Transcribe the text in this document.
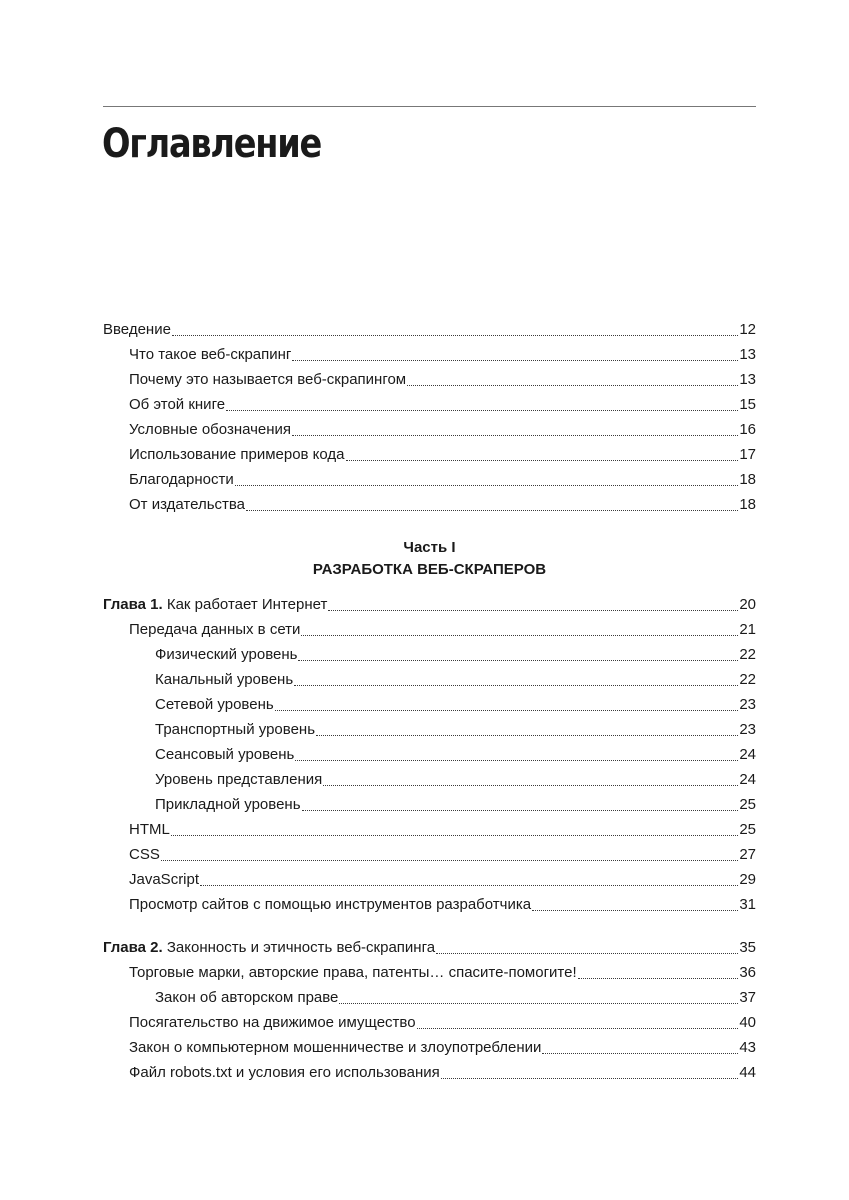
Оглавление
Введение	12
Что такое веб-скрапинг	13
Почему это называется веб-скрапингом	13
Об этой книге	15
Условные обозначения	16
Использование примеров кода	17
Благодарности	18
От издательства	18
Часть I
РАЗРАБОТКА ВЕБ-СКРАПЕРОВ
Глава 1. Как работает Интернет	20
Передача данных в сети	21
Физический уровень	22
Канальный уровень	22
Сетевой уровень	23
Транспортный уровень	23
Сеансовый уровень	24
Уровень представления	24
Прикладной уровень	25
HTML	25
CSS	27
JavaScript	29
Просмотр сайтов с помощью инструментов разработчика	31
Глава 2. Законность и этичность веб-скрапинга	35
Торговые марки, авторские права, патенты… спасите-помогите!	36
Закон об авторском праве	37
Посягательство на движимое имущество	40
Закон о компьютерном мошенничестве и злоупотреблении	43
Файл robots.txt и условия его использования	44
